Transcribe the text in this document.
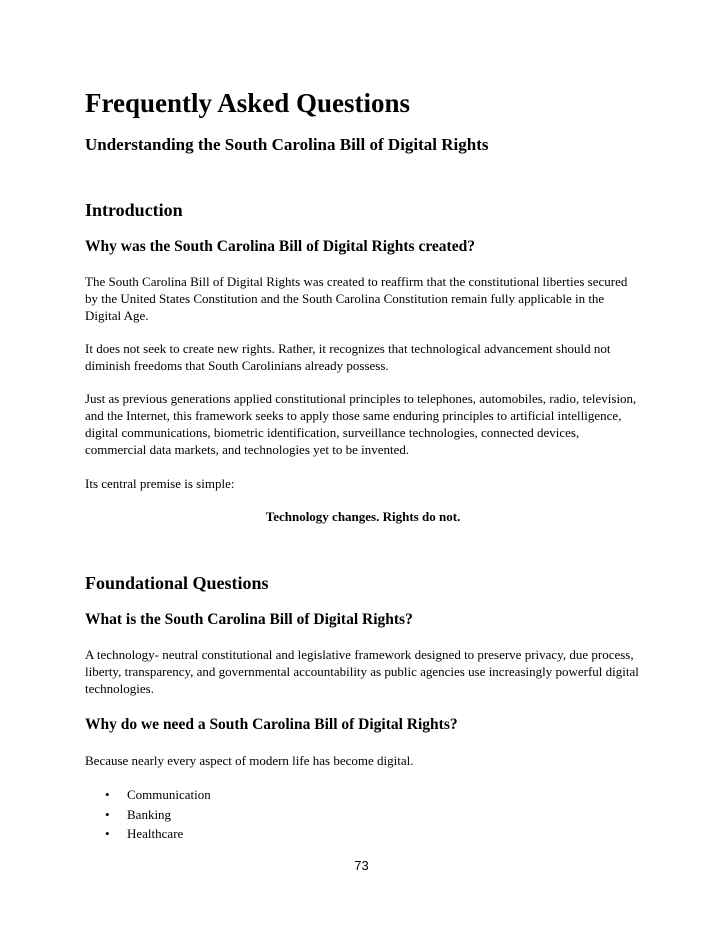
Frequently Asked Questions
Understanding the South Carolina Bill of Digital Rights
Introduction
Why was the South Carolina Bill of Digital Rights created?

The South Carolina Bill of Digital Rights was created to reaffirm that the constitutional liberties secured by the United States Constitution and the South Carolina Constitution remain fully applicable in the Digital Age.

It does not seek to create new rights. Rather, it recognizes that technological advancement should not diminish freedoms that South Carolinians already possess.

Just as previous generations applied constitutional principles to telephones, automobiles, radio, television, and the Internet, this framework seeks to apply those same enduring principles to artificial intelligence, digital communications, biometric identification, surveillance technologies, connected devices, commercial data markets, and technologies yet to be invented.

Its central premise is simple:

Technology changes. Rights do not.

Foundational Questions
What is the South Carolina Bill of Digital Rights?

A technology- neutral constitutional and legislative framework designed to preserve privacy, due process, liberty, transparency, and governmental accountability as public agencies use increasingly powerful digital technologies.

Why do we need a South Carolina Bill of Digital Rights?

Because nearly every aspect of modern life has become digital.

• Communication
• Banking
• Healthcare
73
